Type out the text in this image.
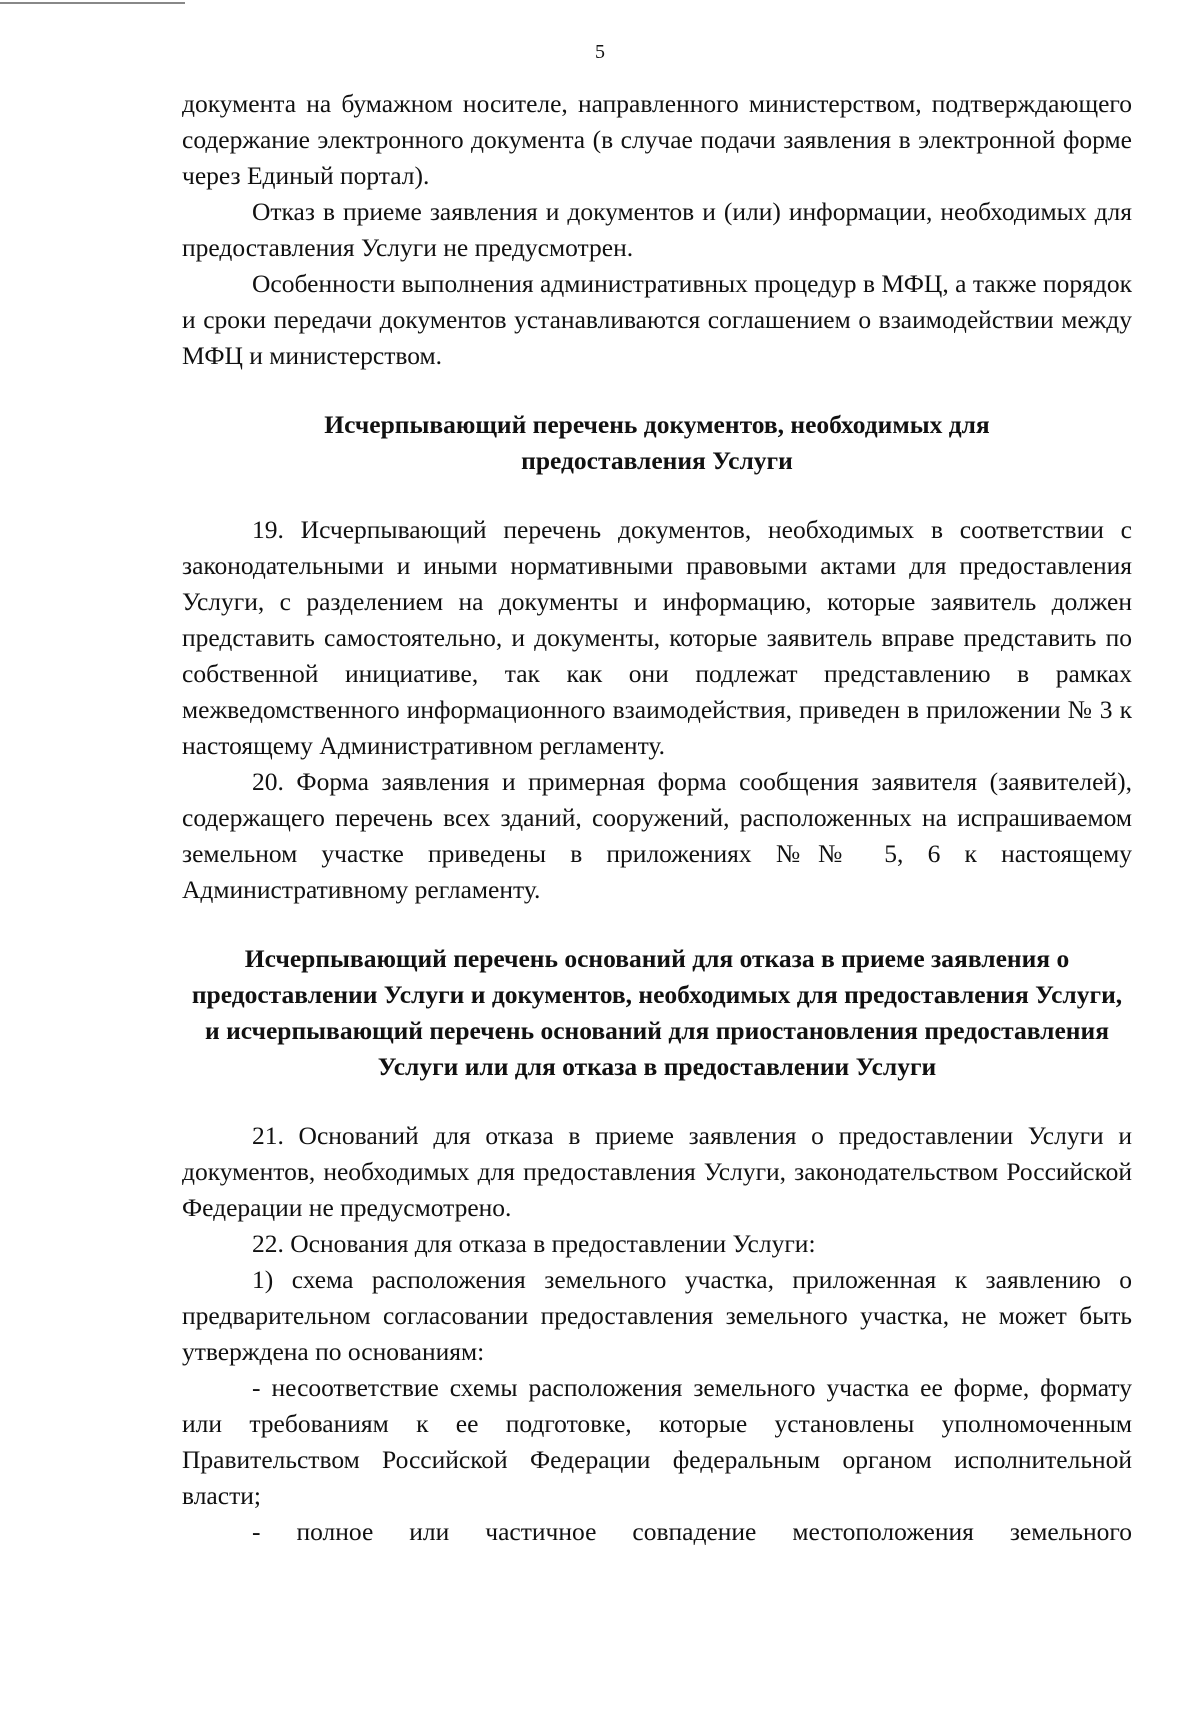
5

документа на бумажном носителе, направленного министерством, подтверждающего содержание электронного документа (в случае подачи заявления в электронной форме через Единый портал).

Отказ в приеме заявления и документов и (или) информации, необходимых для предоставления Услуги не предусмотрен.

Особенности выполнения административных процедур в МФЦ, а также порядок и сроки передачи документов устанавливаются соглашением о взаимодействии между МФЦ и министерством.

Исчерпывающий перечень документов, необходимых для предоставления Услуги

19. Исчерпывающий перечень документов, необходимых в соответствии с законодательными и иными нормативными правовыми актами для предоставления Услуги, с разделением на документы и информацию, которые заявитель должен представить самостоятельно, и документы, которые заявитель вправе представить по собственной инициативе, так как они подлежат представлению в рамках межведомственного информационного взаимодействия, приведен в приложении № 3 к настоящему Административном регламенту.

20. Форма заявления и примерная форма сообщения заявителя (заявителей), содержащего перечень всех зданий, сооружений, расположенных на испрашиваемом земельном участке приведены в приложениях №№ 5, 6 к настоящему Административному регламенту.

Исчерпывающий перечень оснований для отказа в приеме заявления о предоставлении Услуги и документов, необходимых для предоставления Услуги, и исчерпывающий перечень оснований для приостановления предоставления Услуги или для отказа в предоставлении Услуги

21. Оснований для отказа в приеме заявления о предоставлении Услуги и документов, необходимых для предоставления Услуги, законодательством Российской Федерации не предусмотрено.

22. Основания для отказа в предоставлении Услуги:

1) схема расположения земельного участка, приложенная к заявлению о предварительном согласовании предоставления земельного участка, не может быть утверждена по основаниям:

- несоответствие схемы расположения земельного участка ее форме, формату или требованиям к ее подготовке, которые установлены уполномоченным Правительством Российской Федерации федеральным органом исполнительной власти;

- полное или частичное совпадение местоположения земельного
